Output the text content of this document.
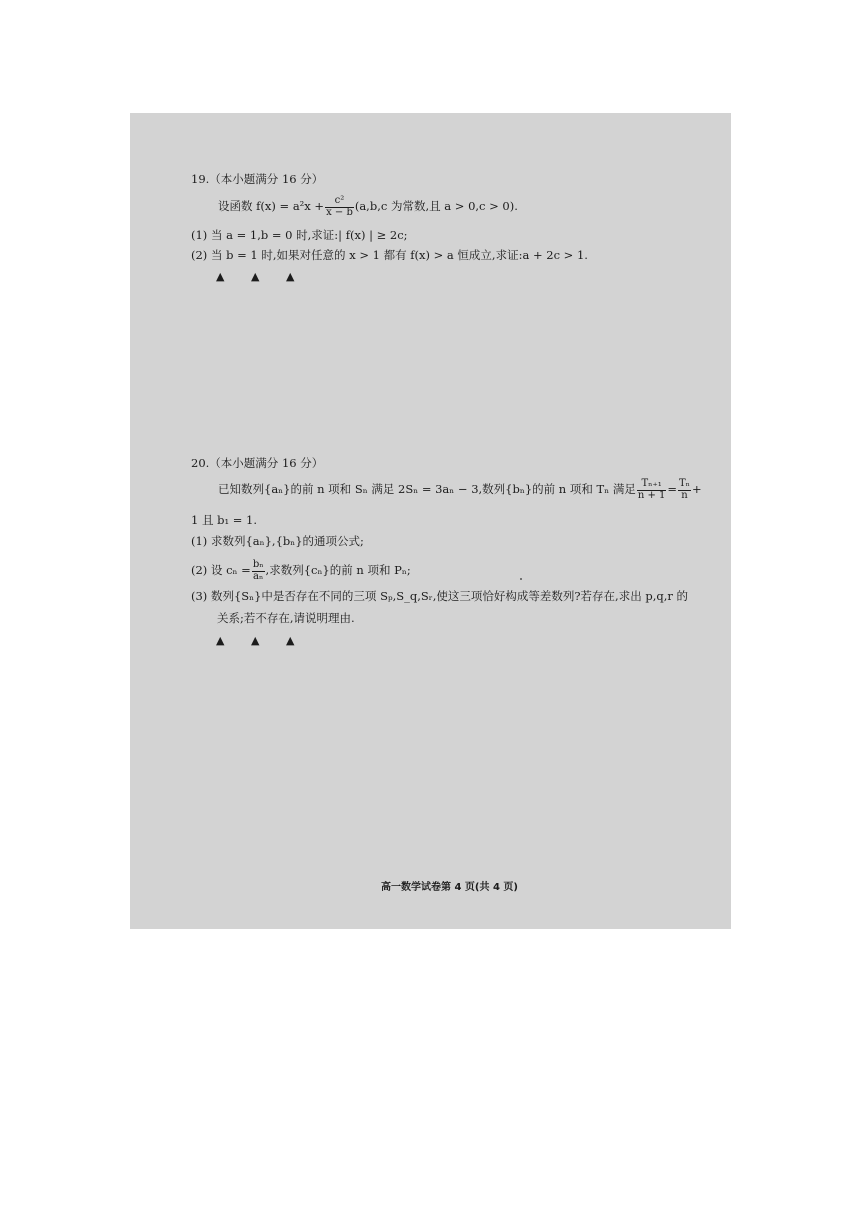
19.（本小题满分 16 分）
设函数 $f(x) = a^2x + \frac{\text{c²}}{x - b} (a,b,c$ 为常数,且 a > 0,c > 0).
(1) 当 a = 1,b = 0 时,求证:| f(x) | ≥ 2c;
(2) 当 b = 1 时,如果对任意的 x > 1 都有 f(x) > a 恒成立,求证:a + 2c > 1.
▲ ▲ ▲
20.（本小题满分 16 分）
已知数列{aₙ}的前 n 项和 Sₙ 满足 2Sₙ = 3aₙ − 3,数列{bₙ}的前 n 项和 Tₙ 满足 $\frac{\text{Tₙ₊₁}}{n + 1} = \frac{\text{Tₙ}}{n}$ +
1 且 b₁ = 1.
(1) 求数列{aₙ},{bₙ}的通项公式;
(2) 设 $c_n = \frac{\text{bₙ}}{\text{aₙ}}$ ,求数列{cₙ}的前 n 项和 Pₙ;
(3) 数列{Sₙ}中是否存在不同的三项 Sₚ,S_q,Sᵣ,使这三项恰好构成等差数列?若存在,求出 p,q,r 的
关系;若不存在,请说明理由.
▲ ▲ ▲
高一数学试卷第 4 页(共 4 页)
